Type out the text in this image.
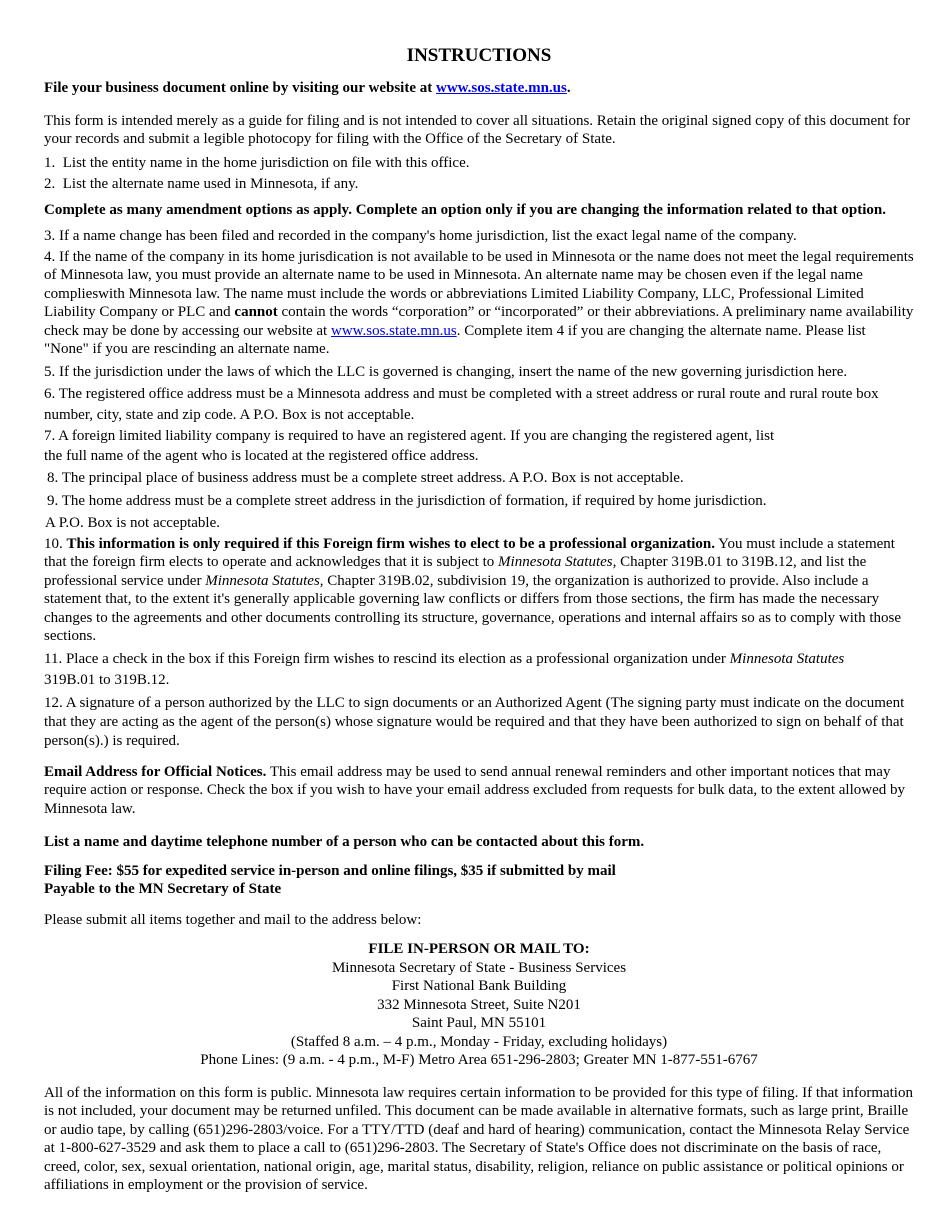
INSTRUCTIONS

File your business document online by visiting our website at www.sos.state.mn.us.

This form is intended merely as a guide for filing and is not intended to cover all situations. Retain the original signed copy of this document for your records and submit a legible photocopy for filing with the Office of the Secretary of State.

1. List the entity name in the home jurisdiction on file with this office.

2. List the alternate name used in Minnesota, if any.

Complete as many amendment options as apply. Complete an option only if you are changing the information related to that option.

3. If a name change has been filed and recorded in the company's home jurisdiction, list the exact legal name of the company.

4. If the name of the company in its home jurisdication is not available to be used in Minnesota or the name does not meet the legal requirements of Minnesota law, you must provide an alternate name to be used in Minnesota. An alternate name may be chosen even if the legal name complieswith Minnesota law. The name must include the words or abbreviations Limited Liability Company, LLC, Professional Limited Liability Company or PLC and cannot contain the words “corporation” or “incorporated” or their abbreviations. A preliminary name availability check may be done by accessing our website at www.sos.state.mn.us. Complete item 4 if you are changing the alternate name. Please list "None" if you are rescinding an alternate name.

5. If the jurisdiction under the laws of which the LLC is governed is changing, insert the name of the new governing jurisdiction here.

6. The registered office address must be a Minnesota address and must be completed with a street address or rural route and rural route box number, city, state and zip code. A P.O. Box is not acceptable.

7. A foreign limited liability company is required to have an registered agent. If you are changing the registered agent, list

the full name of the agent who is located at the registered office address.

8. The principal place of business address must be a complete street address. A P.O. Box is not acceptable.

9. The home address must be a complete street address in the jurisdiction of formation, if required by home jurisdiction.

A P.O. Box is not acceptable.

10. This information is only required if this Foreign firm wishes to elect to be a professional organization. You must include a statement that the foreign firm elects to operate and acknowledges that it is subject to Minnesota Statutes, Chapter 319B.01 to 319B.12, and list the professional service under Minnesota Statutes, Chapter 319B.02, subdivision 19, the organization is authorized to provide. Also include a statement that, to the extent it's generally applicable governing law conflicts or differs from those sections, the firm has made the necessary changes to the agreements and other documents controlling its structure, governance, operations and internal affairs so as to comply with those sections.

11. Place a check in the box if this Foreign firm wishes to rescind its election as a professional organization under Minnesota Statutes

319B.01 to 319B.12.

12. A signature of a person authorized by the LLC to sign documents or an Authorized Agent (The signing party must indicate on the document that they are acting as the agent of the person(s) whose signature would be required and that they have been authorized to sign on behalf of that person(s).) is required.

Email Address for Official Notices. This email address may be used to send annual renewal reminders and other important notices that may require action or response. Check the box if you wish to have your email address excluded from requests for bulk data, to the extent allowed by Minnesota law.

List a name and daytime telephone number of a person who can be contacted about this form.

Filing Fee: $55 for expedited service in-person and online filings, $35 if submitted by mail

Payable to the MN Secretary of State

Please submit all items together and mail to the address below:

FILE IN-PERSON OR MAIL TO:

Minnesota Secretary of State - Business Services

First National Bank Building

332 Minnesota Street, Suite N201

Saint Paul, MN 55101

(Staffed 8 a.m. – 4 p.m., Monday - Friday, excluding holidays)

Phone Lines: (9 a.m. - 4 p.m., M-F) Metro Area 651-296-2803; Greater MN 1-877-551-6767

All of the information on this form is public. Minnesota law requires certain information to be provided for this type of filing. If that information is not included, your document may be returned unfiled. This document can be made available in alternative formats, such as large print, Braille or audio tape, by calling (651)296-2803/voice. For a TTY/TTD (deaf and hard of hearing) communication, contact the Minnesota Relay Service at 1-800-627-3529 and ask them to place a call to (651)296-2803. The Secretary of State's Office does not discriminate on the basis of race, creed, color, sex, sexual orientation, national origin, age, marital status, disability, religion, reliance on public assistance or political opinions or affiliations in employment or the provision of service.
